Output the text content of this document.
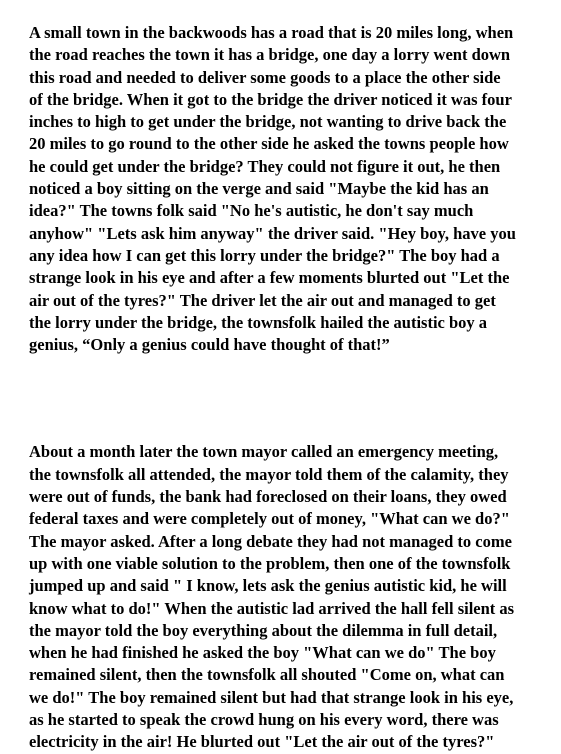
A small town in the backwoods has a road that is 20 miles long, when
the road reaches the town it has a bridge, one day a lorry went down
this road and needed to deliver some goods to a place the other side
of the bridge. When it got to the bridge the driver noticed it was four
inches to high to get under the bridge, not wanting to drive back the
20 miles to go round to the other side he asked the towns people how
he could get under the bridge? They could not figure it out, he then
noticed a boy sitting on the verge and said "Maybe the kid has an
idea?" The towns folk said "No he's autistic, he don't say much
anyhow" "Lets ask him anyway" the driver said. "Hey boy, have you
any idea how I can get this lorry under the bridge?" The boy had a
strange look in his eye and after a few moments blurted out "Let the
air out of the tyres?" The driver let the air out and managed to get
the lorry under the bridge, the townsfolk hailed the autistic boy a
genius, “Only a genius could have thought of that!”

About a month later the town mayor called an emergency meeting,
the townsfolk all attended, the mayor told them of the calamity, they
were out of funds, the bank had foreclosed on their loans, they owed
federal taxes and were completely out of money, "What can we do?"
The mayor asked. After a long debate they had not managed to come
up with one viable solution to the problem, then one of the townsfolk
jumped up and said " I know, lets ask the genius autistic kid, he will
know what to do!" When the autistic lad arrived the hall fell silent as
the mayor told the boy everything about the dilemma in full detail,
when he had finished he asked the boy "What can we do" The boy
remained silent, then the townsfolk all shouted "Come on, what can
we do!" The boy remained silent but had that strange look in his eye,
as he started to speak the crowd hung on his every word, there was
electricity in the air! He blurted out "Let the air out of the tyres?"
